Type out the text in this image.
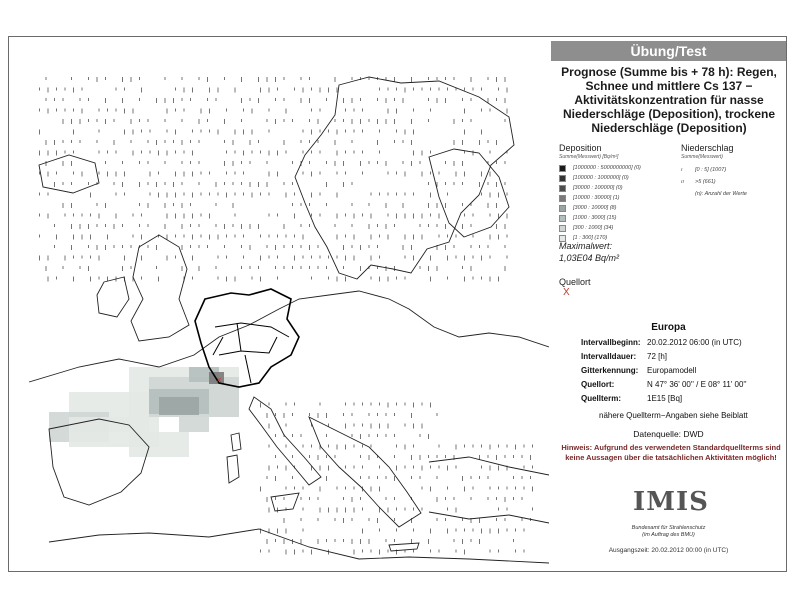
×
Übung/Test
Prognose (Summe bis + 78 h): Regen,
Schnee und mittlere Cs 137 −
Aktivitätskonzentration für nasse
Niederschläge (Deposition), trockene
Niederschläge (Deposition)
Deposition
Summe(Messwert) [Bq/m²]
[1000000 : 5000000000] (0)
[100000 : 1000000] (0)
[30000 : 100000] (0)
[10000 : 30000] (1)
[3000 : 10000] (8)
[1000 : 3000] (15)
[300 : 1000] (34)
[1 : 300] (170)
Niederschlag
Summe(Messwert)
ı [0 : 5] (1007)
ıı >5 (661)
(n): Anzahl der Werte
Maximalwert:
1,03E04 Bq/m²
Quellort
X
Europa
Intervallbeginn: 20.02.2012 06:00 (in UTC)
Intervalldauer: 72 [h]
Gitterkennung: Europamodell
Quellort:	N 47° 36' 00'' / E 08° 11' 00''
Quellterm:	1E15 [Bq]
nähere Quellterm−Angaben siehe Beiblatt
Datenquelle: DWD
Hinweis: Aufgrund des verwendeten Standardquellterms sind keine Aussagen über die tatsächlichen Aktivitäten möglich!
IMIS
Bundesamt für Strahlenschutz
(im Auftrag des BMU)
Ausgangszeit: 20.02.2012 00:00 (in UTC)
